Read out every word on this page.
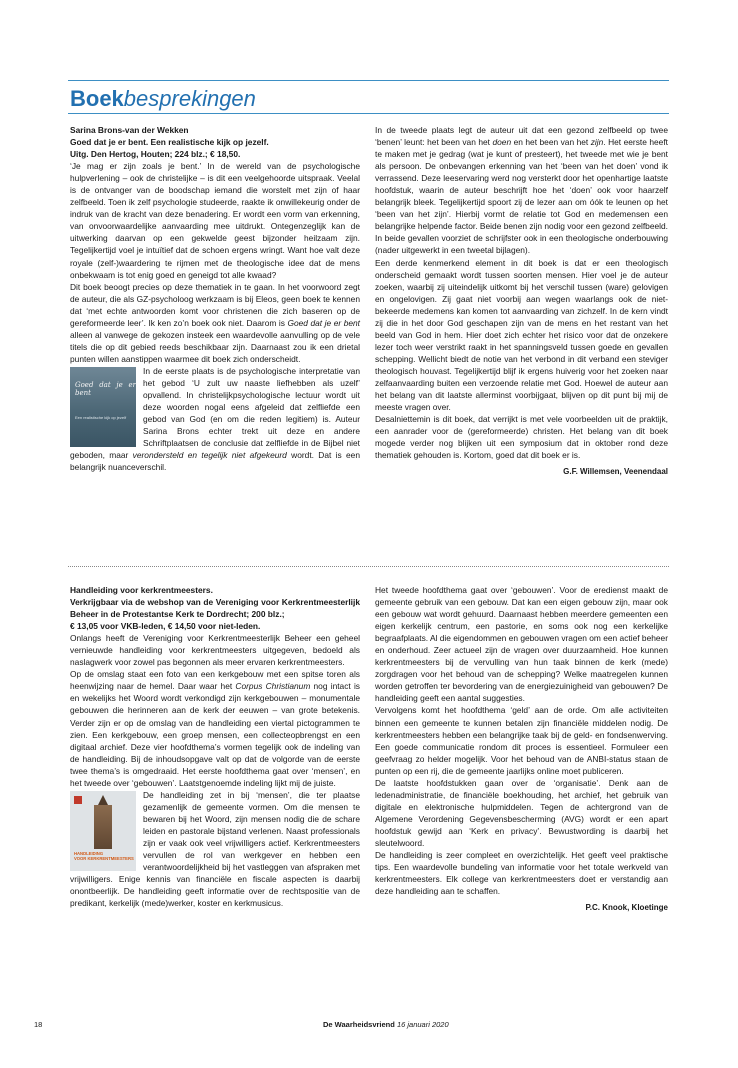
Boekbesprekingen

Sarina Brons-van der Wekken

Goed dat je er bent. Een realistische kijk op jezelf.

Uitg. Den Hertog, Houten; 224 blz.; € 18,50.

‘Je mag er zijn zoals je bent.’ In de wereld van de psychologische hulpverlening – ook de christelijke – is dit een veelgehoorde uitspraak. Veelal is de ontvanger van de boodschap iemand die worstelt met zijn of haar zelfbeeld. Toen ik zelf psychologie studeerde, raakte ik onwillekeurig onder de indruk van de kracht van deze benadering. Er wordt een vorm van erkenning, van onvoorwaardelijke aanvaarding mee uitdrukt. Ontegenzeglijk kan de uitwerking daarvan op een gekwelde geest bijzonder heilzaam zijn. Tegelijkertijd voel je intuïtief dat de schoen ergens wringt. Want hoe valt deze royale (zelf-)waardering te rijmen met de theologische idee dat de mens onbekwaam is tot enig goed en geneigd tot alle kwaad?

Dit boek beoogt precies op deze thematiek in te gaan. In het voorwoord zegt de auteur, die als GZ-psycholoog werkzaam is bij Eleos, geen boek te kennen dat ‘met echte antwoorden komt voor christenen die zich baseren op de gereformeerde leer’. Ik ken zo’n boek ook niet. Daarom is Goed dat je er bent alleen al vanwege de gekozen insteek een waardevolle aanvulling op de vele titels die op dit gebied reeds beschikbaar zijn. Daarnaast zou ik een drietal punten willen aanstippen waarmee dit boek zich onderscheidt.

Goed dat je er bent
Een realistische kijk op jezelf
In de eerste plaats is de psychologische interpretatie van het gebod ‘U zult uw naaste liefhebben als uzelf’ opvallend. In christelijkpsychologische lectuur wordt uit deze woorden nogal eens afgeleid dat zelfliefde een gebod van God (en om die reden legitiem) is. Auteur Sarina Brons echter trekt uit deze en andere Schriftplaatsen de conclusie dat zelfliefde in de Bijbel niet geboden, maar verondersteld en tegelijk niet afgekeurd wordt. Dat is een belangrijk nuanceverschil.

In de tweede plaats legt de auteur uit dat een gezond zelfbeeld op twee ‘benen’ leunt: het been van het doen en het been van het zijn. Het eerste heeft te maken met je gedrag (wat je kunt of presteert), het tweede met wie je bent als persoon. De onbevangen erkenning van het ‘been van het doen’ vond ik verrassend. Deze leeservaring werd nog versterkt door het openhartige laatste hoofdstuk, waarin de auteur beschrijft hoe het ‘doen’ ook voor haarzelf belangrijk bleek. Tegelijkertijd spoort zij de lezer aan om óók te leunen op het ‘been van het zijn’. Hierbij vormt de relatie tot God en medemensen een belangrijke helpende factor. Beide benen zijn nodig voor een gezond zelfbeeld. In beide gevallen voorziet de schrijfster ook in een theologische onderbouwing (nader uitgewerkt in een tweetal bijlagen).

Een derde kenmerkend element in dit boek is dat er een theologisch onderscheid gemaakt wordt tussen soorten mensen. Hier voel je de auteur zoeken, waarbij zij uiteindelijk uitkomt bij het verschil tussen (ware) gelovigen en ongelovigen. Zij gaat niet voorbij aan wegen waarlangs ook de niet-bekeerde medemens kan komen tot aanvaarding van zichzelf. In de kern vindt zij die in het door God geschapen zijn van de mens en het restant van het beeld van God in hem. Hier doet zich echter het risico voor dat de onzekere lezer toch weer verstrikt raakt in het spanningsveld tussen goede en gevallen schepping. Wellicht biedt de notie van het verbond in dit verband een steviger theologisch houvast. Tegelijkertijd blijf ik ergens huiverig voor het zoeken naar zelfaanvaarding buiten een verzoende relatie met God. Hoewel de auteur aan het belang van dit laatste allerminst voorbijgaat, blijven op dit punt bij mij de meeste vragen over.

Desalniettemin is dit boek, dat verrijkt is met vele voorbeelden uit de praktijk, een aanrader voor de (gereformeerde) christen. Het belang van dit boek mogede verder nog blijken uit een symposium dat in oktober rond deze thematiek gehouden is. Kortom, goed dat dit boek er is.

G.F. Willemsen, Veenendaal

Handleiding voor kerkrentmeesters.

Verkrijgbaar via de webshop van de Vereniging voor Kerkrentmeesterlijk Beheer in de Protestantse Kerk te Dordrecht; 200 blz.;

€ 13,05 voor VKB-leden, € 14,50 voor niet-leden.

Onlangs heeft de Vereniging voor Kerkrentmeesterlijk Beheer een geheel vernieuwde handleiding voor kerkrentmeesters uitgegeven, bedoeld als naslagwerk voor zowel pas begonnen als meer ervaren kerkrentmeesters.

Op de omslag staat een foto van een kerkgebouw met een spitse toren als heenwijzing naar de hemel. Daar waar het Corpus Christianum nog intact is en wekelijks het Woord wordt verkondigd zijn kerkgebouwen – monumentale gebouwen die herinneren aan de kerk der eeuwen – van grote betekenis. Verder zijn er op de omslag van de handleiding een viertal pictogrammen te zien. Een kerkgebouw, een groep mensen, een collecteopbrengst en een digitaal archief. Deze vier hoofdthema’s vormen tegelijk ook de indeling van de handleiding. Bij de inhoudsopgave valt op dat de volgorde van de eerste twee thema’s is omgedraaid. Het eerste hoofdthema gaat over ‘mensen’, en het tweede over ‘gebouwen’. Laatstgenoemde indeling lijkt mij de juiste.

HANDLEIDING
VOOR KERKRENTMEESTERS
De handleiding zet in bij ‘mensen’, die ter plaatse gezamenlijk de gemeente vormen. Om die mensen te bewaren bij het Woord, zijn mensen nodig die de schare leiden en pastorale bijstand verlenen. Naast professionals zijn er vaak ook veel vrijwilligers actief. Kerkrentmeesters vervullen de rol van werkgever en hebben een verantwoordelijkheid bij het vastleggen van afspraken met vrijwilligers. Enige kennis van financiële en fiscale aspecten is daarbij onontbeerlijk. De handleiding geeft informatie over de rechtspositie van de predikant, kerkelijk (mede)werker, koster en kerkmusicus.

Het tweede hoofdthema gaat over ‘gebouwen’. Voor de eredienst maakt de gemeente gebruik van een gebouw. Dat kan een eigen gebouw zijn, maar ook een gebouw wat wordt gehuurd. Daarnaast hebben meerdere gemeenten een eigen kerkelijk centrum, een pastorie, en soms ook nog een kerkelijke begraafplaats. Al die eigendommen en gebouwen vragen om een actief beheer en onderhoud. Zeer actueel zijn de vragen over duurzaamheid. Hoe kunnen kerkrentmeesters bij de vervulling van hun taak binnen de kerk (mede) zorgdragen voor het behoud van de schepping? Welke maatregelen kunnen worden getroffen ter bevordering van de energiezuinigheid van gebouwen? De handleiding geeft een aantal suggesties.

Vervolgens komt het hoofdthema ‘geld’ aan de orde. Om alle activiteiten binnen een gemeente te kunnen betalen zijn financiële middelen nodig. De kerkrentmeesters hebben een belangrijke taak bij de geld- en fondsenwerving. Een goede communicatie rondom dit proces is essentieel. Formuleer een geefvraag zo helder mogelijk. Voor het behoud van de ANBI-status staan de punten op een rij, die de gemeente jaarlijks online moet publiceren.

De laatste hoofdstukken gaan over de ‘organisatie’. Denk aan de ledenadministratie, de financiële boekhouding, het archief, het gebruik van digitale en elektronische hulpmiddelen. Tegen de achtergrond van de Algemene Verordening Gegevensbescherming (AVG) wordt er een apart hoofdstuk gewijd aan ‘Kerk en privacy’. Bewustwording is daarbij het sleutelwoord.

De handleiding is zeer compleet en overzichtelijk. Het geeft veel praktische tips. Een waardevolle bundeling van informatie voor het totale werkveld van kerkrentmeesters. Elk college van kerkrentmeesters doet er verstandig aan deze handleiding aan te schaffen.

P.C. Knook, Kloetinge

18	De Waarheidsvriend 16 januari 2020
